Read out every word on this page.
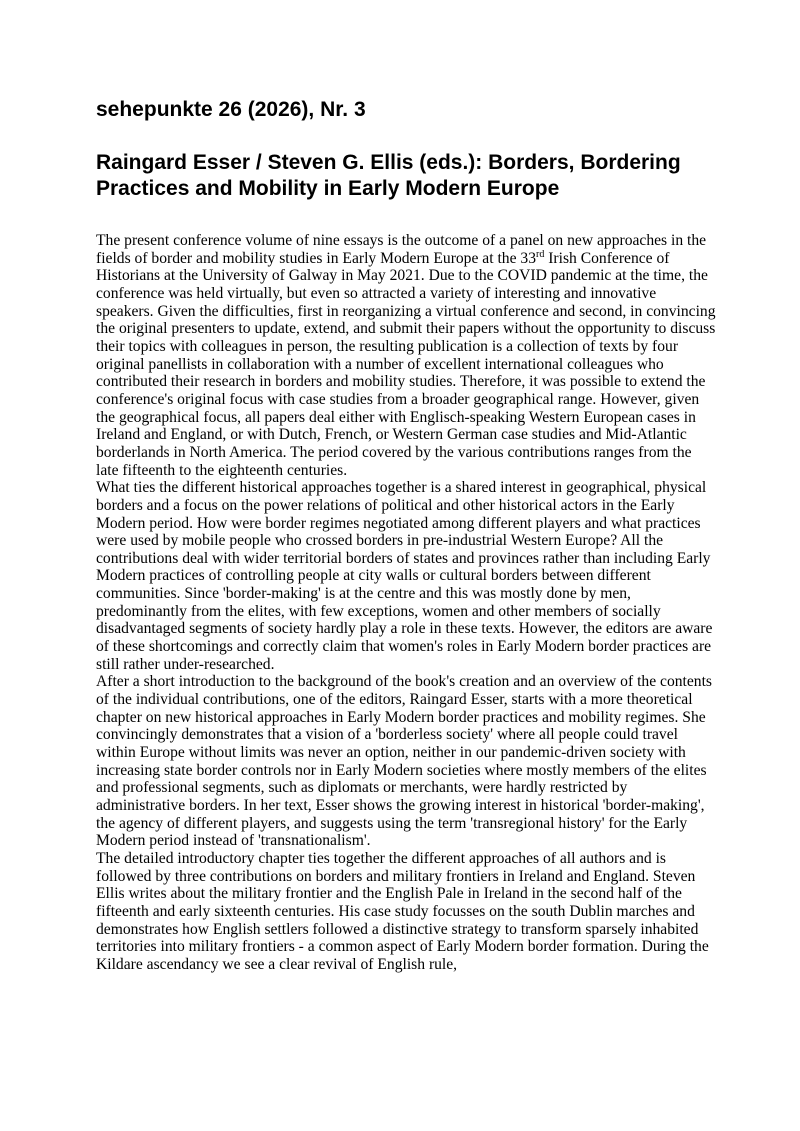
sehepunkte 26 (2026), Nr. 3
Raingard Esser / Steven G. Ellis (eds.): Borders, Bordering Practices and Mobility in Early Modern Europe

The present conference volume of nine essays is the outcome of a panel on new approaches in the fields of border and mobility studies in Early Modern Europe at the 33rd Irish Conference of Historians at the University of Galway in May 2021. Due to the COVID pandemic at the time, the conference was held virtually, but even so attracted a variety of interesting and innovative speakers. Given the difficulties, first in reorganizing a virtual conference and second, in convincing the original presenters to update, extend, and submit their papers without the opportunity to discuss their topics with colleagues in person, the resulting publication is a collection of texts by four original panellists in collaboration with a number of excellent international colleagues who contributed their research in borders and mobility studies. Therefore, it was possible to extend the conference's original focus with case studies from a broader geographical range. However, given the geographical focus, all papers deal either with Englisch-speaking Western European cases in Ireland and England, or with Dutch, French, or Western German case studies and Mid-Atlantic borderlands in North America. The period covered by the various contributions ranges from the late fifteenth to the eighteenth centuries.

What ties the different historical approaches together is a shared interest in geographical, physical borders and a focus on the power relations of political and other historical actors in the Early Modern period. How were border regimes negotiated among different players and what practices were used by mobile people who crossed borders in pre-industrial Western Europe? All the contributions deal with wider territorial borders of states and provinces rather than including Early Modern practices of controlling people at city walls or cultural borders between different communities. Since 'border-making' is at the centre and this was mostly done by men, predominantly from the elites, with few exceptions, women and other members of socially disadvantaged segments of society hardly play a role in these texts. However, the editors are aware of these shortcomings and correctly claim that women's roles in Early Modern border practices are still rather under-researched.

After a short introduction to the background of the book's creation and an overview of the contents of the individual contributions, one of the editors, Raingard Esser, starts with a more theoretical chapter on new historical approaches in Early Modern border practices and mobility regimes. She convincingly demonstrates that a vision of a 'borderless society' where all people could travel within Europe without limits was never an option, neither in our pandemic-driven society with increasing state border controls nor in Early Modern societies where mostly members of the elites and professional segments, such as diplomats or merchants, were hardly restricted by administrative borders. In her text, Esser shows the growing interest in historical 'border-making', the agency of different players, and suggests using the term 'transregional history' for the Early Modern period instead of 'transnationalism'.

The detailed introductory chapter ties together the different approaches of all authors and is followed by three contributions on borders and military frontiers in Ireland and England. Steven Ellis writes about the military frontier and the English Pale in Ireland in the second half of the fifteenth and early sixteenth centuries. His case study focusses on the south Dublin marches and demonstrates how English settlers followed a distinctive strategy to transform sparsely inhabited territories into military frontiers - a common aspect of Early Modern border formation. During the Kildare ascendancy we see a clear revival of English rule,
